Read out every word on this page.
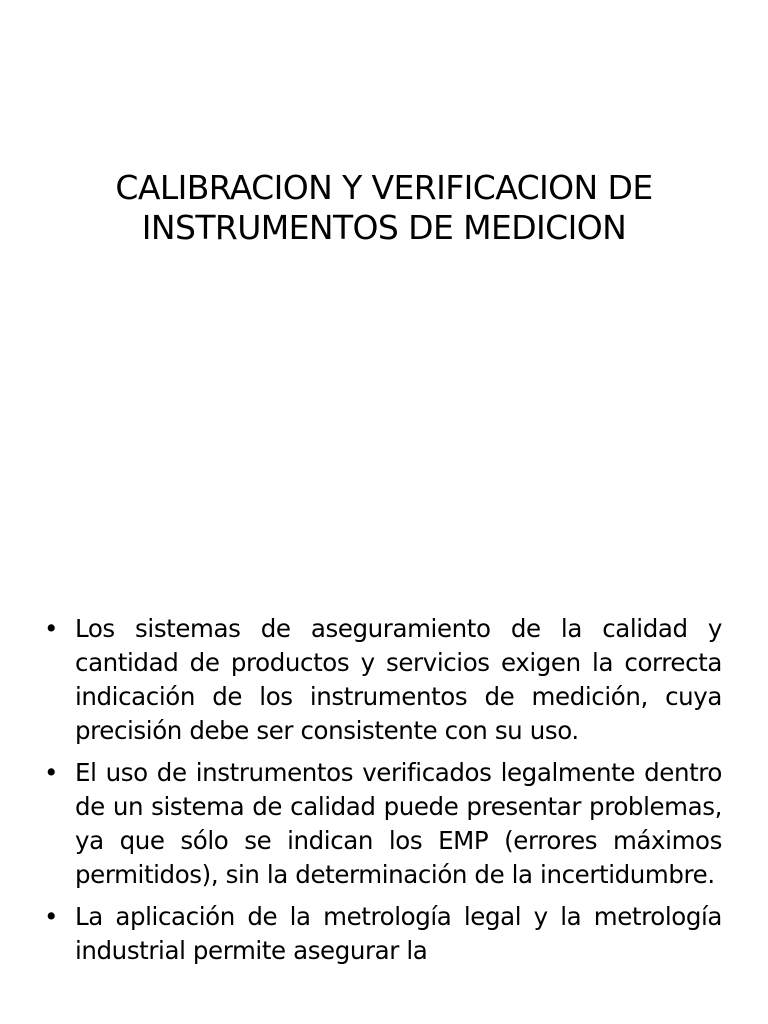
CALIBRACION Y VERIFICACION DE
INSTRUMENTOS DE MEDICION
• Los sistemas de aseguramiento de la calidad y cantidad de productos y servicios exigen la correcta indicación de los instrumentos de medición, cuya precisión debe ser consistente con su uso.
• El uso de instrumentos verificados legalmente dentro de un sistema de calidad puede presentar problemas, ya que sólo se indican los EMP (errores máximos permitidos), sin la determinación de la incertidumbre.
• La aplicación de la metrología legal y la metrología industrial permite asegurar la
